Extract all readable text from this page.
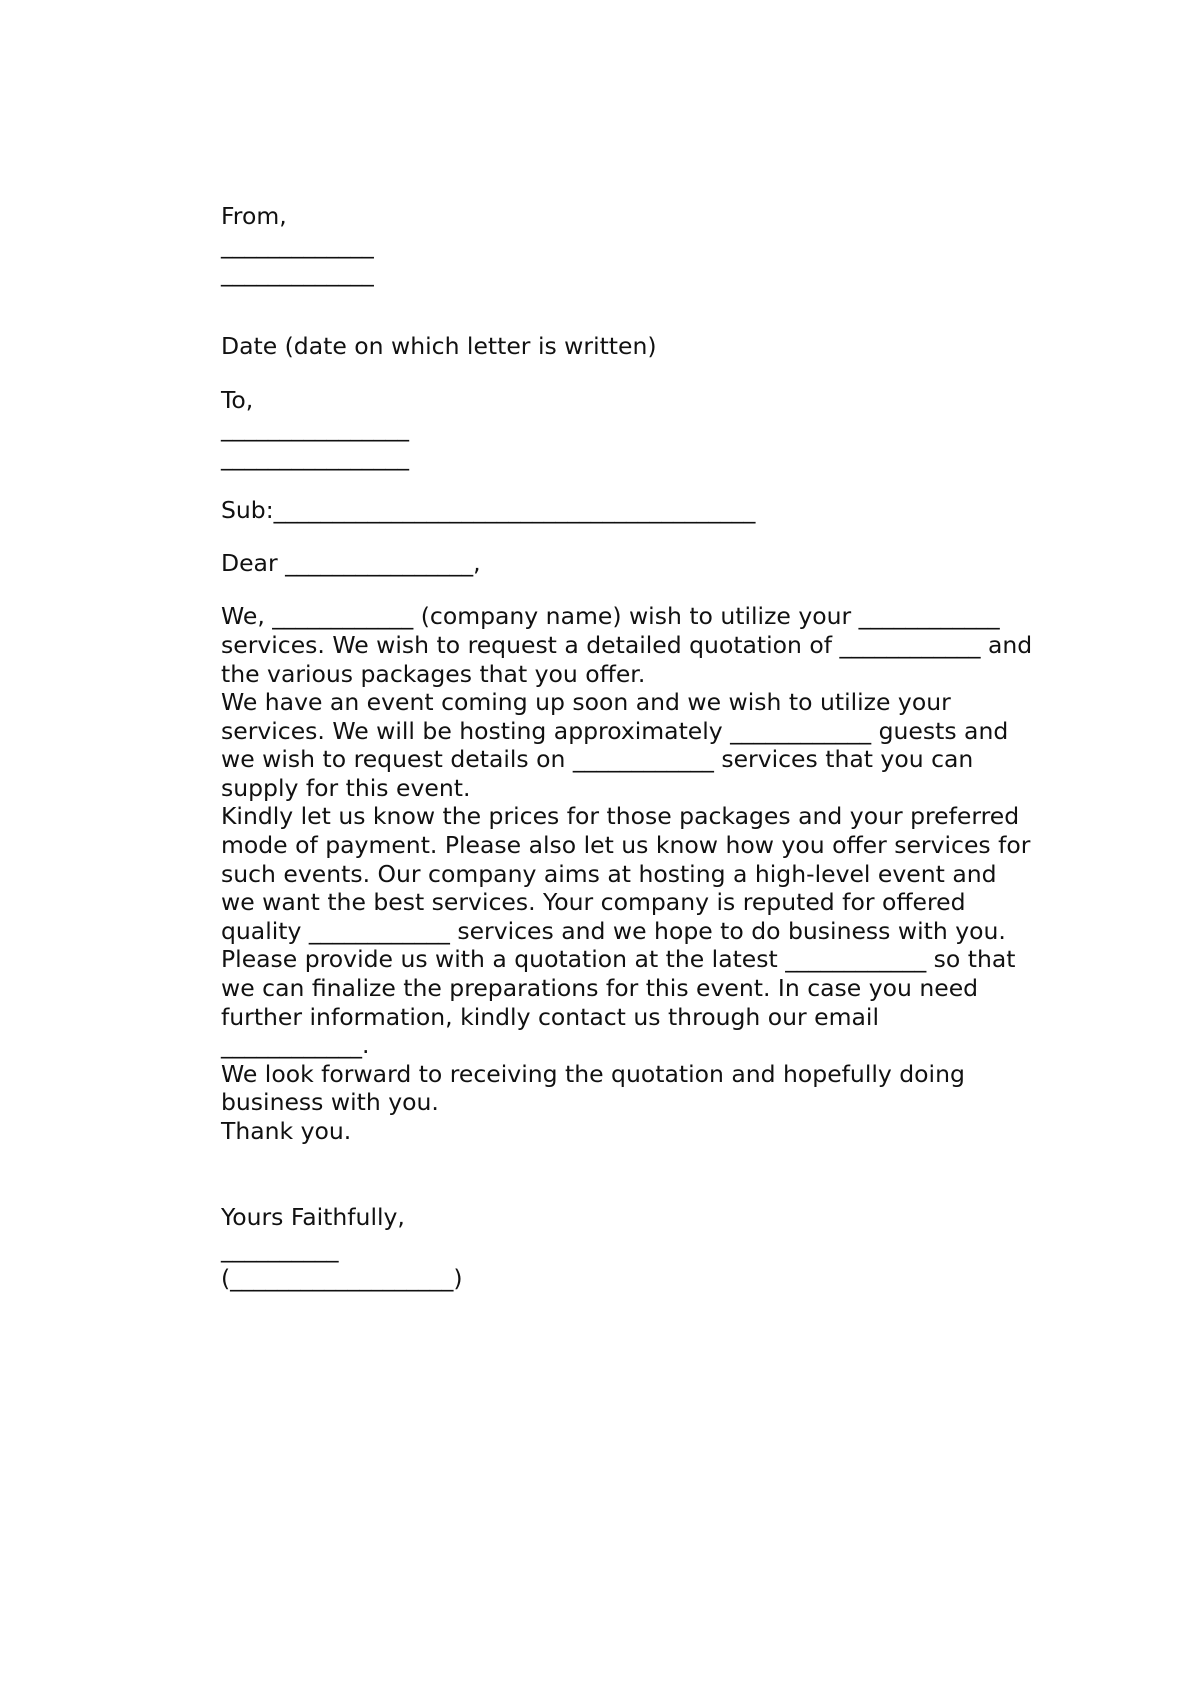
From,
_____________
_____________
Date (date on which letter is written)
To,
________________
________________
Sub:_________________________________________
Dear ________________,
We, ____________ (company name) wish to utilize your ____________
services. We wish to request a detailed quotation of ____________ and
the various packages that you offer.
We have an event coming up soon and we wish to utilize your
services. We will be hosting approximately ____________ guests and
we wish to request details on ____________ services that you can
supply for this event.
Kindly let us know the prices for those packages and your preferred
mode of payment. Please also let us know how you offer services for
such events. Our company aims at hosting a high-level event and
we want the best services. Your company is reputed for offered
quality ____________ services and we hope to do business with you.
Please provide us with a quotation at the latest ____________ so that
we can finalize the preparations for this event. In case you need
further information, kindly contact us through our email
____________.
We look forward to receiving the quotation and hopefully doing
business with you.
Thank you.
Yours Faithfully,
__________
(___________________)
